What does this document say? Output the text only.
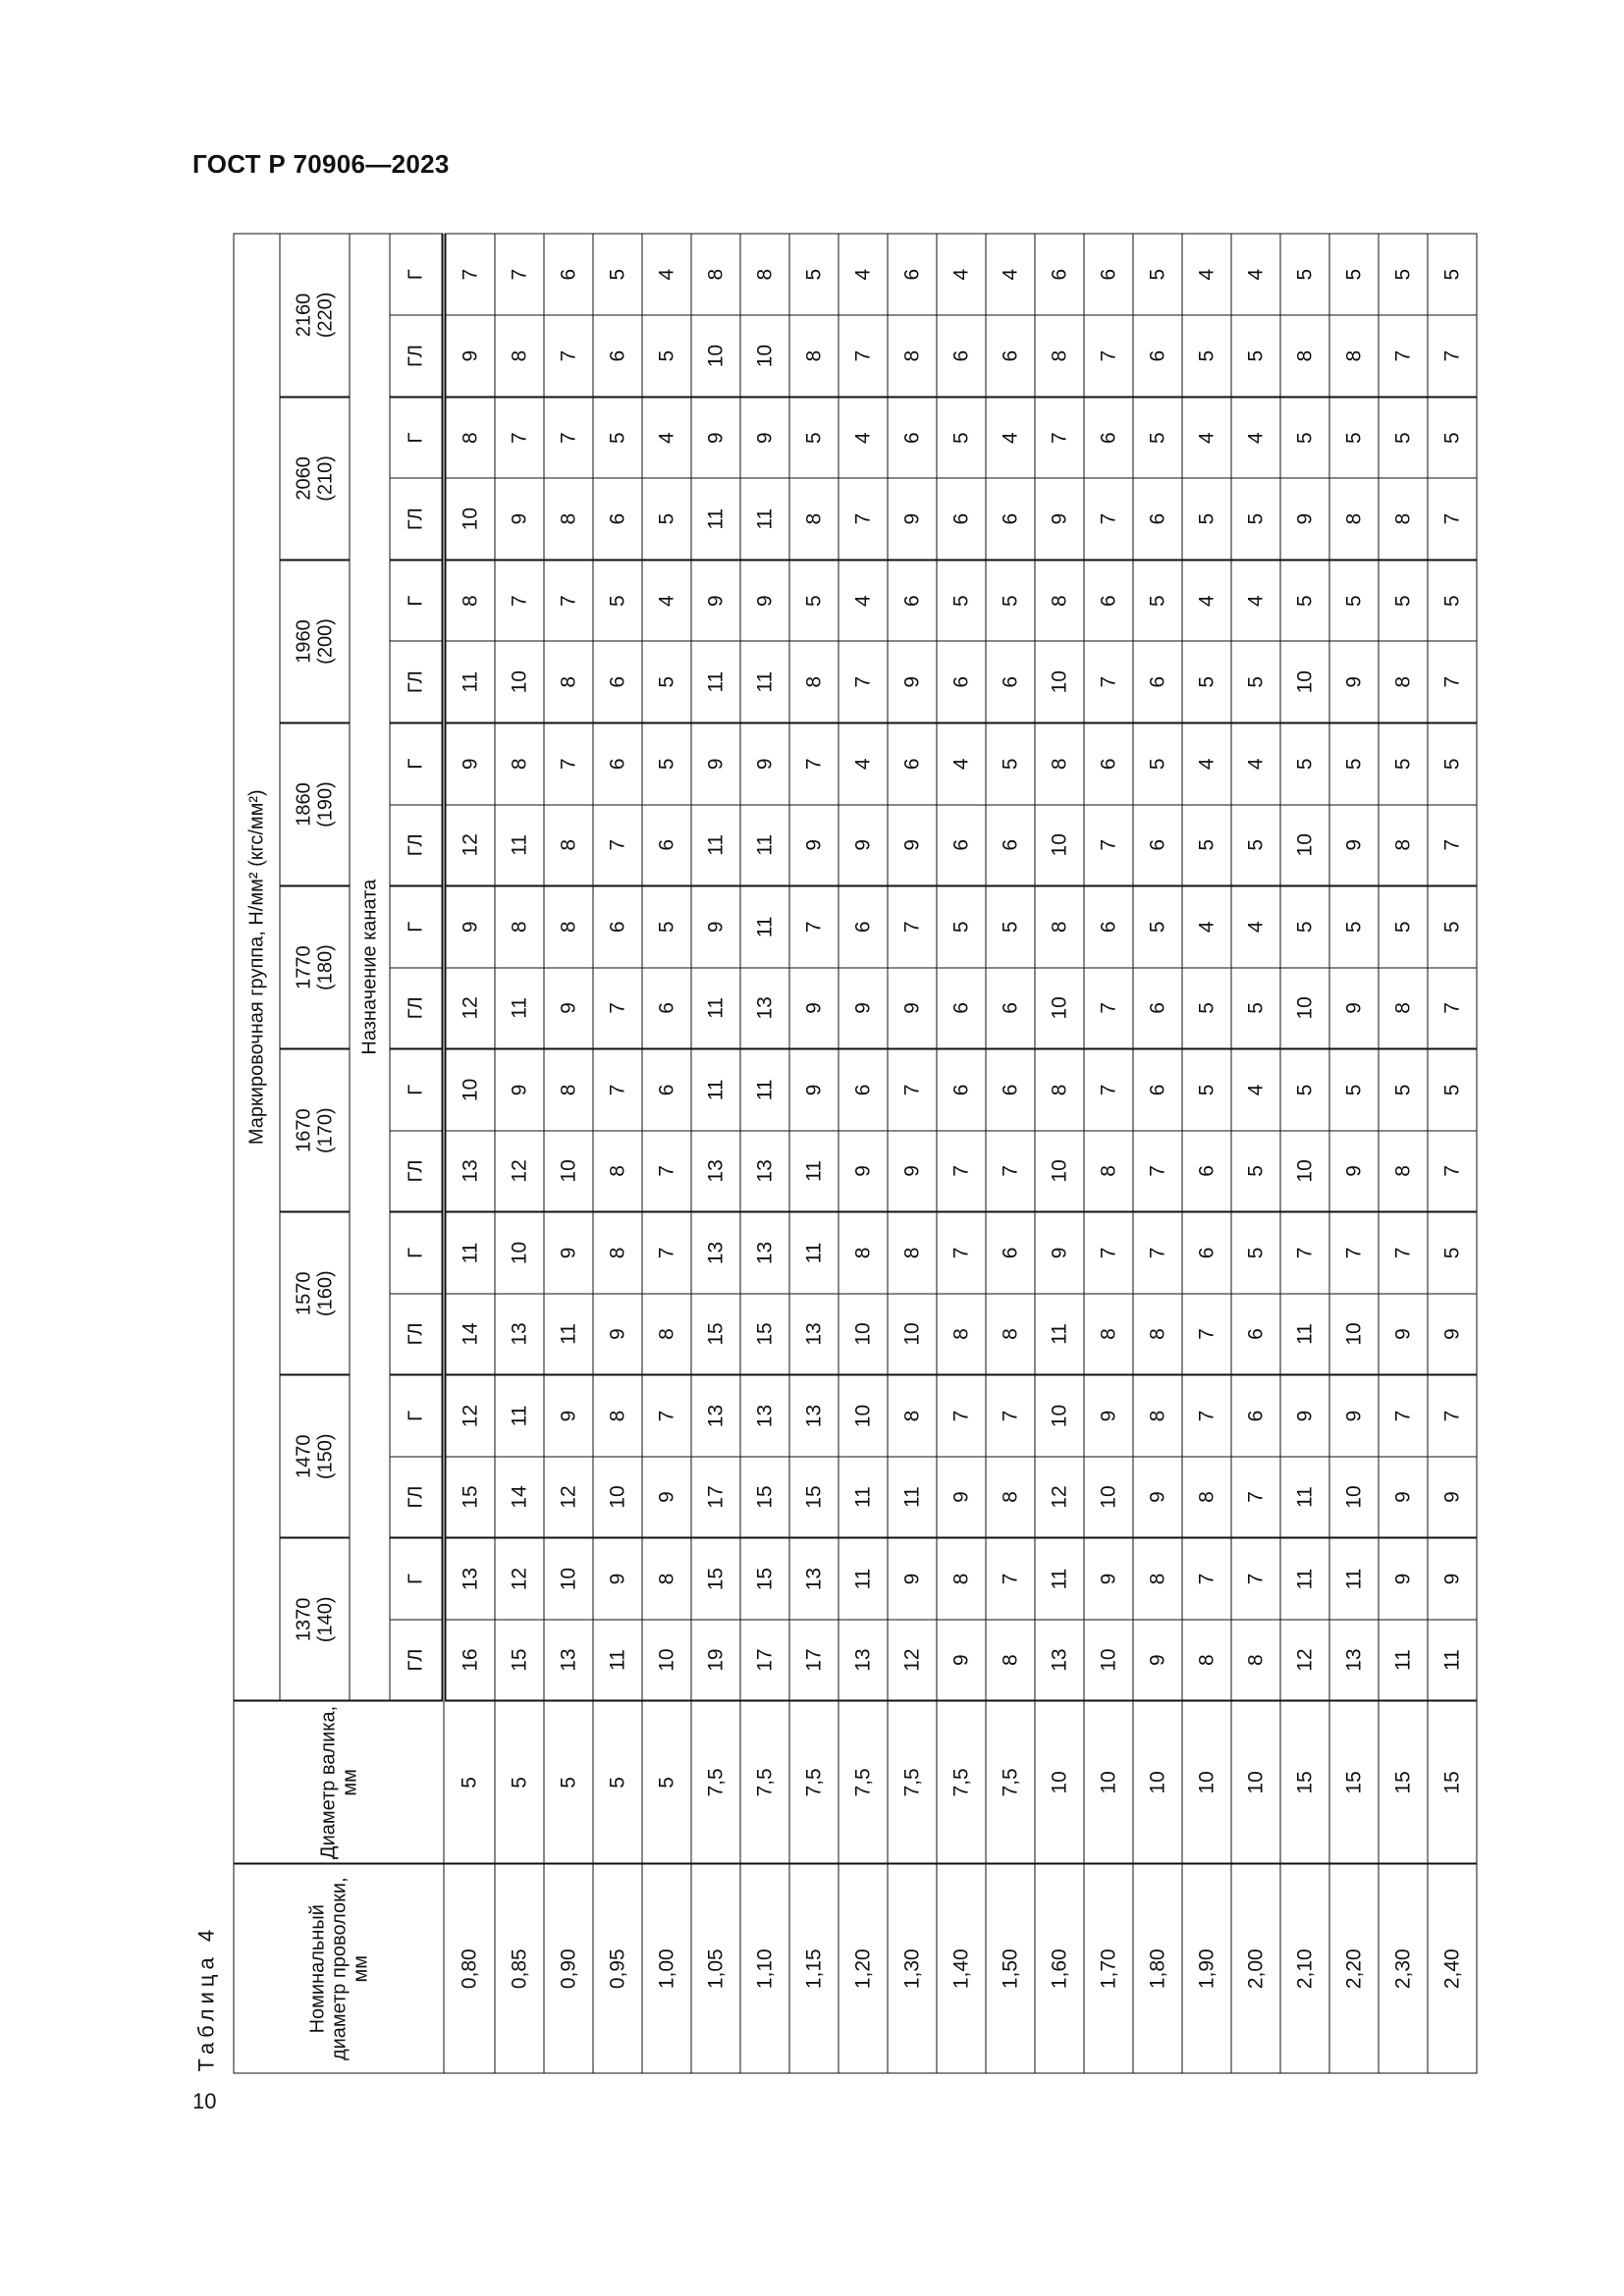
ГОСТ Р 70906—2023
Таблица 4	Номинальный диаметр проволоки, мм	Диаметр валика, мм	Маркировочная группа, Н/мм² (кгс/мм²)																	

		1370 (140)		1470 (150)		1570 (160)		1670 (170)		1770 (180)		1860 (190)		1960 (200)		2060 (210)		2160 (220)	

		Назначение каната																	
		ГЛ	Г	ГЛ	Г	ГЛ	Г	ГЛ	Г	ГЛ	Г	ГЛ	Г	ГЛ	Г	ГЛ	Г	ГЛ	Г
0,80	5	16	13	15	12	14	11	13	10	12	9	12	9	11	8	10	8	9	7
0,85	5	15	12	14	11	13	10	12	9	11	8	11	8	10	7	9	7	8	7
0,90	5	13	10	12	9	11	9	10	8	9	8	8	7	8	7	8	7	7	6
0,95	5	11	9	10	8	9	8	8	7	7	6	7	6	6	5	6	5	6	5
1,00	5	10	8	9	7	8	7	7	6	6	5	6	5	5	4	5	4	5	4
1,05	7,5	19	15	17	13	15	13	13	11	11	9	11	9	11	9	11	9	10	8
1,10	7,5	17	15	15	13	15	13	13	11	13	11	11	9	11	9	11	9	10	8
1,15	7,5	17	13	15	13	13	11	11	9	9	7	9	7	8	5	8	5	8	5
1,20	7,5	13	11	11	10	10	8	9	6	9	6	9	4	7	4	7	4	7	4
1,30	7,5	12	9	11	8	10	8	9	7	9	7	9	6	9	6	9	6	8	6
1,40	7,5	9	8	9	7	8	7	7	6	6	5	6	4	6	5	6	5	6	4
1,50	7,5	8	7	8	7	8	6	7	6	6	5	6	5	6	5	6	4	6	4
1,60	10	13	11	12	10	11	9	10	8	10	8	10	8	10	8	9	7	8	6
1,70	10	10	9	10	9	8	7	8	7	7	6	7	6	7	6	7	6	7	6
1,80	10	9	8	9	8	8	7	7	6	6	5	6	5	6	5	6	5	6	5
1,90	10	8	7	8	7	7	6	6	5	5	4	5	4	5	4	5	4	5	4
2,00	10	8	7	7	6	6	5	5	4	5	4	5	4	5	4	5	4	5	4
2,10	15	12	11	11	9	11	7	10	5	10	5	10	5	10	5	9	5	8	5
2,20	15	13	11	10	9	10	7	9	5	9	5	9	5	9	5	8	5	8	5
2,30	15	11	9	9	7	9	7	8	5	8	5	8	5	8	5	8	5	7	5
2,40	15	11	9	9	7	9	5	7	5	7	5	7	5	7	5	7	5	7	5
10
